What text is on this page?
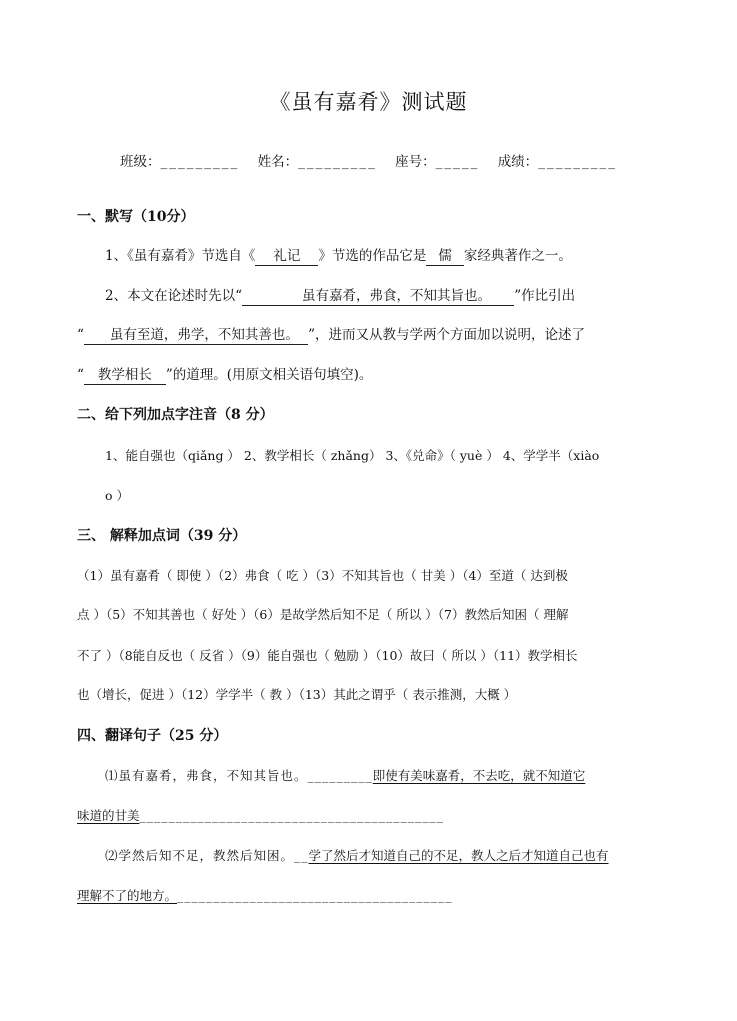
《虽有嘉肴》测试题
班级：_________ 姓名：_________ 座号：_____ 成绩：_________
一、默写（10分）
1、《虽有嘉肴》节选自《 礼记 》节选的作品它是 儒 家经典著作之一。
2、本文在论述时先以“	虽有嘉肴，弗食，不知其旨也。 ”作比引出
“ 虽有至道，弗学，不知其善也。 ”，进而又从教与学两个方面加以说明，论述了
“ 教学相长 ”的道理。(用原文相关语句填空)。
二、给下列加点字注音（8 分）
1、能自强也（qiǎng ） 2、教学相长（ zhǎng） 3、《兑命》（ yuè ） 4、学学半（xiào
o ）
三、 解释加点词（39 分）
（1）虽有嘉肴（ 即使 ）（2）弗食（ 吃 ）（3）不知其旨也（ 甘美 ）（4）至道（ 达到极
点 ）（5）不知其善也（ 好处 ）（6）是故学然后知不足（ 所以 ）（7）教然后知困（ 理解
不了 ）（8能自反也（ 反省 ）（9）能自强也（ 勉励 ）（10）故曰（ 所以 ）（11）教学相长
也（增长，促进 ）（12）学学半（ 教 ）（13）其此之谓乎（ 表示推测，大概 ）
四、翻译句子（25 分）
⑴虽有嘉肴，弗食，不知其旨也。_________即使有美味嘉肴，不去吃，就不知道它
味道的甘美__________________________________________
⑵学然后知不足，教然后知困。__学了然后才知道自己的不足，教人之后才知道自己也有
理解不了的地方。______________________________________
